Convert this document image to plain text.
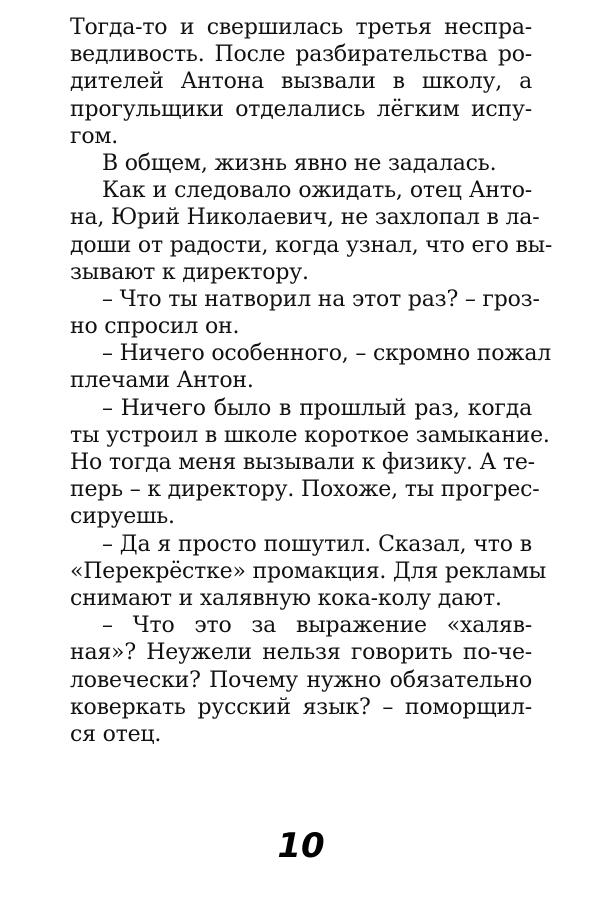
Тогда-то и свершилась третья неспра-
ведливость. После разбирательства ро-
дителей Антона вызвали в школу, а
прогульщики отделались лёгким испу-
гом.
В общем, жизнь явно не задалась.
Как и следовало ожидать, отец Анто-
на, Юрий Николаевич, не захлопал в ла-
доши от радости, когда узнал, что его вы-
зывают к директору.
– Что ты натворил на этот раз? – гроз-
но спросил он.
– Ничего особенного, – скромно пожал
плечами Антон.
– Ничего было в прошлый раз, когда
ты устроил в школе короткое замыкание.
Но тогда меня вызывали к физику. А те-
перь – к директору. Похоже, ты прогрес-
сируешь.
– Да я просто пошутил. Сказал, что в
«Перекрёстке» промакция. Для рекламы
снимают и халявную кока-колу дают.
– Что это за выражение «халяв-
ная»? Неужели нельзя говорить по-че-
ловечески? Почему нужно обязательно
коверкать русский язык? – поморщил-
ся отец.
10
